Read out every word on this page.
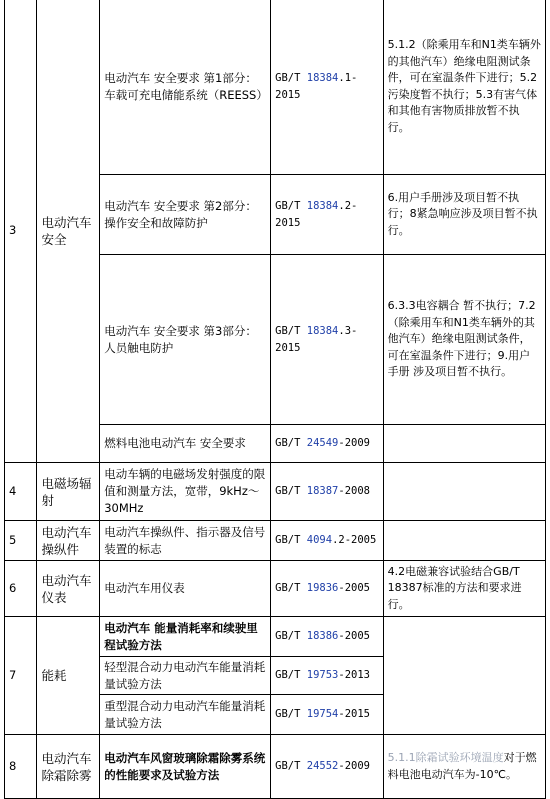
3	电动汽车安全	电动汽车 安全要求 第1部分：车载可充电储能系统（REESS）	GB/T 18384.1-2015	5.1.2（除乘用车和N1类车辆外的其他汽车）绝缘电阻测试条件，可在室温条件下进行；5.2污染度暂不执行；5.3有害气体和其他有害物质排放暂不执行。
		电动汽车 安全要求 第2部分：操作安全和故障防护	GB/T 18384.2-2015	6.用户手册涉及项目暂不执行；8紧急响应涉及项目暂不执行。
		电动汽车 安全要求 第3部分：人员触电防护	GB/T 18384.3-2015	6.3.3电容耦合 暂不执行；7.2（除乘用车和N1类车辆外的其他汽车）绝缘电阻测试条件，可在室温条件下进行；9.用户手册 涉及项目暂不执行。
		燃料电池电动汽车 安全要求	GB/T 24549-2009	
4	电磁场辐射	电动车辆的电磁场发射强度的限值和测量方法，宽带，9kHz～30MHz	GB/T 18387-2008	
5	电动汽车操纵件	电动汽车操纵件、指示器及信号装置的标志	GB/T 4094.2-2005	
6	电动汽车仪表	电动汽车用仪表	GB/T 19836-2005	4.2电磁兼容试验结合GB/T 18387标准的方法和要求进行。
7	能耗	电动汽车 能量消耗率和续驶里程试验方法	GB/T 18386-2005	
		轻型混合动力电动汽车能量消耗量试验方法	GB/T 19753-2013	
		重型混合动力电动汽车能量消耗量试验方法	GB/T 19754-2015	
8	电动汽车除霜除雾	电动汽车风窗玻璃除霜除雾系统的性能要求及试验方法	GB/T 24552-2009	5.1.1除霜试验环境温度对于燃料电池电动汽车为-10℃。
